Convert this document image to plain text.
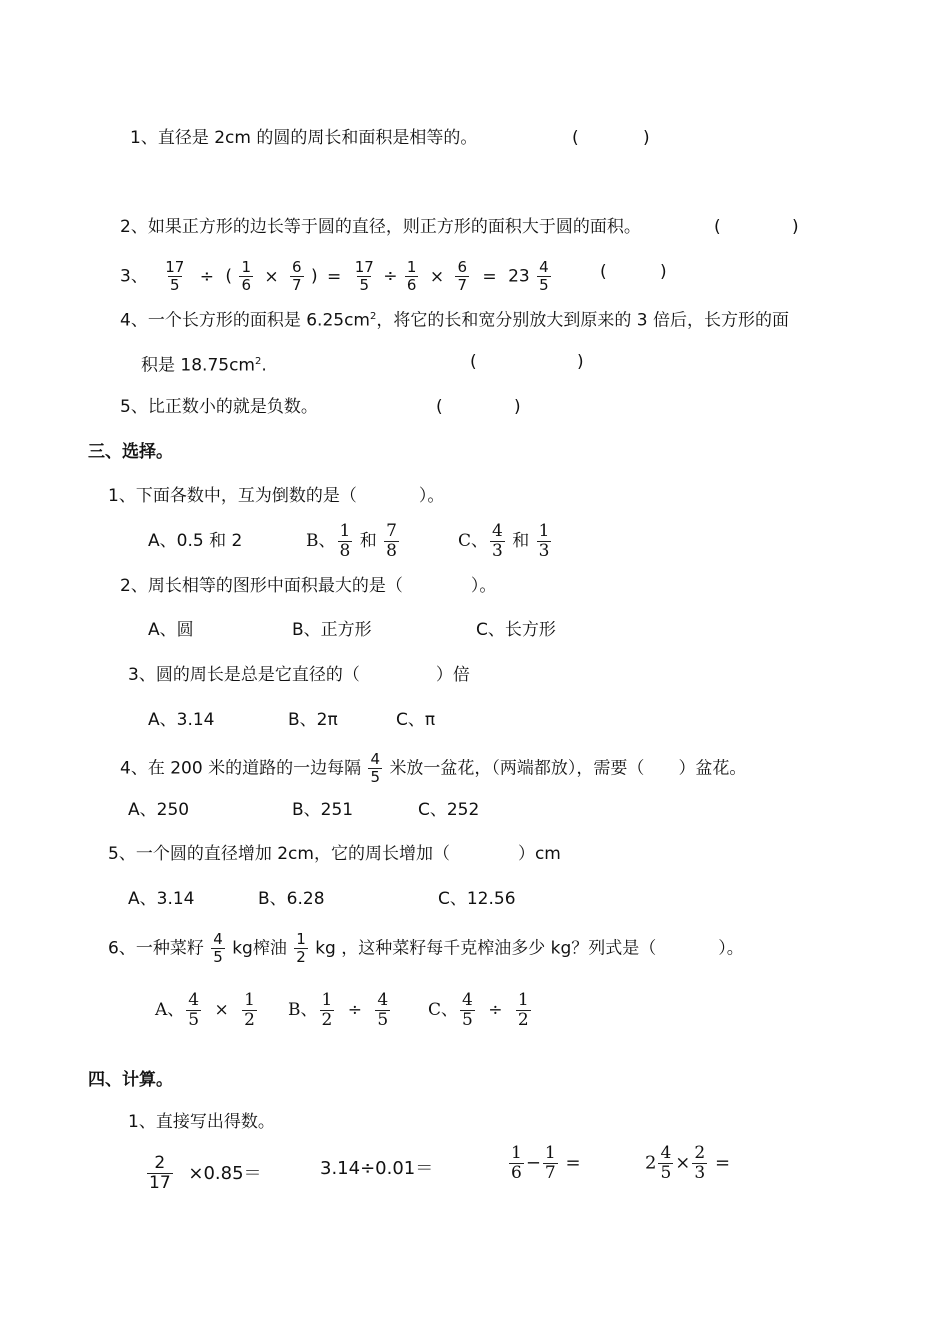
1、直径是 2cm 的圆的周长和面积是相等的。	(	)
2、如果正方形的边长等于圆的直径，则正方形的面积大于圆的面积。	(	)
3、 $\frac{17}{5}$ ÷ ( $\frac{1}{6} \times \frac{6}{7}$ ) = $\frac{17}{5} \div \frac{1}{6} \times \frac{6}{7} = 23 \frac{4}{5}$	(	)
4、一个长方形的面积是 $6.25cm^2$，将它的长和宽分别放大到原来的 3 倍后，长方形的面
积是 $18.75cm^2$.	(	)
5、比正数小的就是负数。	(	)
三、选择。
1、下面各数中，互为倒数的是（	）。
A、0.5 和 2	B、 $\frac{1}{8}$ 和 $\frac{7}{8}$	C、 $\frac{4}{3}$ 和 $\frac{1}{3}$
2、周长相等的图形中面积最大的是（	）。
A、圆	B、正方形	C、长方形
3、圆的周长是总是它直径的（	）倍
A、3.14	B、2π	C、π
4、在 200 米的道路的一边每隔 $\frac{4}{5}$ 米放一盆花，（两端都放），需要（ ）盆花。
A、250	B、251	C、252
5、一个圆的直径增加 2cm，它的周长增加（	）cm
A、3.14	B、6.28	C、12.56
6、一种菜籽 $\frac{4}{5}$ kg榨油 $\frac{1}{2}$ kg ，这种菜籽每千克榨油多少 kg？列式是（	）。
A、 $\frac{4}{5} \times \frac{1}{2}$ B、 $\frac{1}{2} \div \frac{4}{5}$ C、 $\frac{4}{5} \div \frac{1}{2}$
四、计算。
1、直接写出得数。
$\frac{2}{17} \times 0.85=$	3.14÷0.01＝	$\frac{1}{6} - \frac{1}{7}$ =	$2 \frac{4}{5} \times \frac{2}{3}$ =
